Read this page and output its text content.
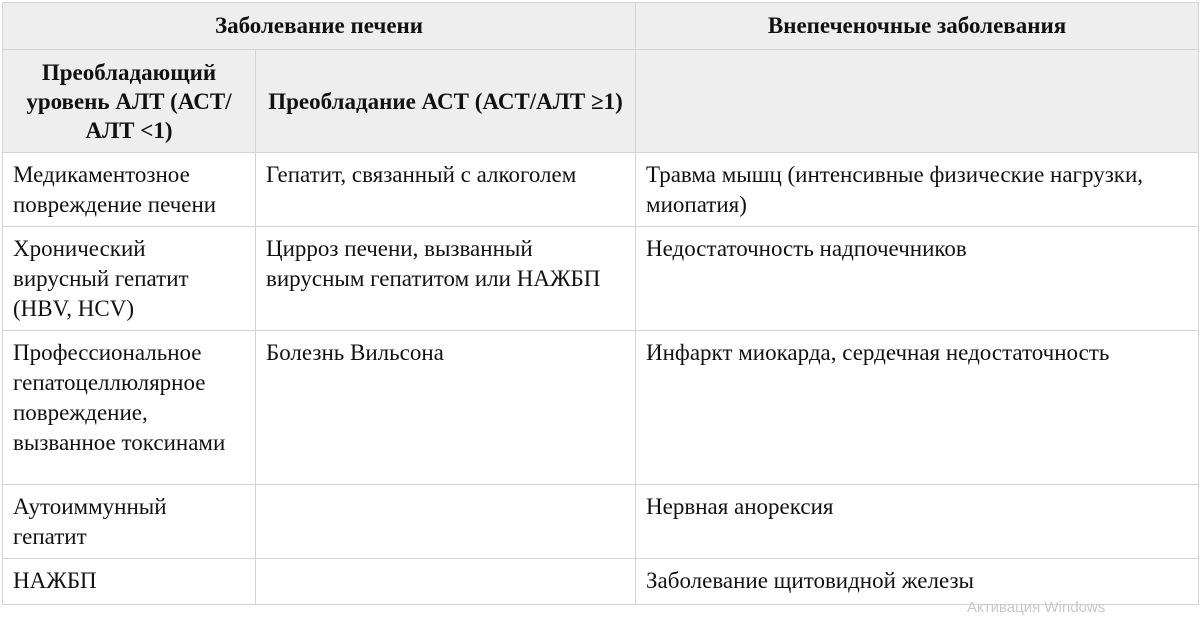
Заболевание печени		Внепеченочные заболевания
Преобладающий уровень АЛТ (АСТ/ АЛТ <1)	Преобладание АСТ (АСТ/АЛТ ≥1)	
Медикаментозное повреждение печени	Гепатит, связанный с алкоголем	Травма мышц (интенсивные физические нагрузки, миопатия)
Хронический вирусный гепатит (HBV, HCV)	Цирроз печени, вызванный вирусным гепатитом или НАЖБП	Недостаточность надпочечников
Профессиональное гепатоцеллюлярное повреждение, вызванное токсинами	Болезнь Вильсона	Инфаркт миокарда, сердечная недостаточность
Аутоиммунный гепатит		Нервная анорексия
НАЖБП		Заболевание щитовидной железы
Активация Windows
